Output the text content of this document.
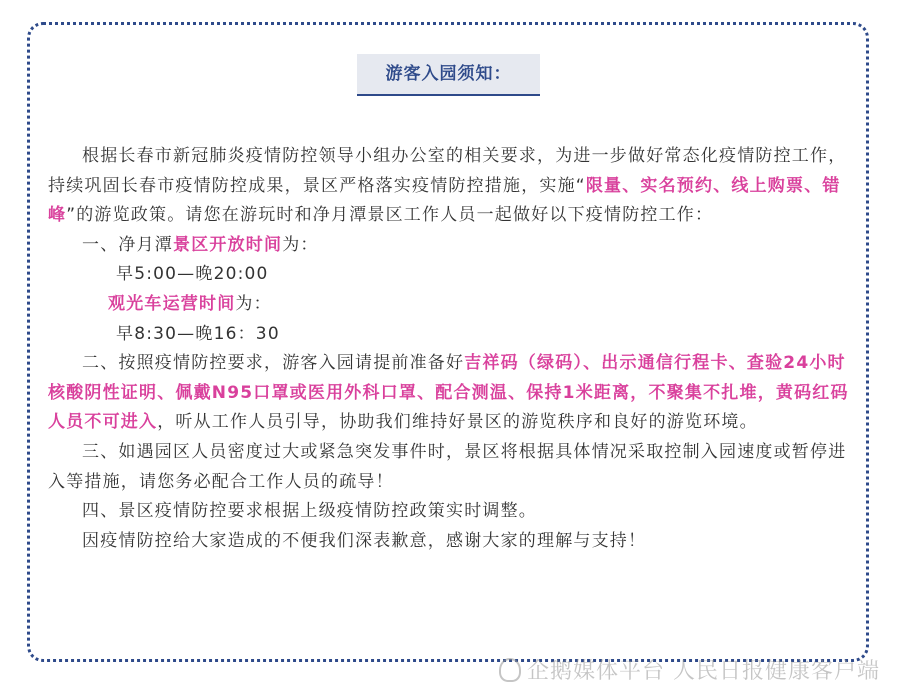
游客入园须知：

根据长春市新冠肺炎疫情防控领导小组办公室的相关要求，为进一步做好常态化疫情防控工作，持续巩固长春市疫情防控成果，景区严格落实疫情防控措施，实施“限量、实名预约、线上购票、错峰”的游览政策。请您在游玩时和净月潭景区工作人员一起做好以下疫情防控工作：

一、净月潭景区开放时间为：

早5:00—晚20:00

观光车运营时间为：

早8:30—晚16：30

二、按照疫情防控要求，游客入园请提前准备好吉祥码（绿码）、出示通信行程卡、查验24小时核酸阴性证明、佩戴N95口罩或医用外科口罩、配合测温、保持1米距离，不聚集不扎堆，黄码红码人员不可进入，听从工作人员引导，协助我们维持好景区的游览秩序和良好的游览环境。

三、如遇园区人员密度过大或紧急突发事件时，景区将根据具体情况采取控制入园速度或暂停进入等措施，请您务必配合工作人员的疏导！

四、景区疫情防控要求根据上级疫情防控政策实时调整。

因疫情防控给大家造成的不便我们深表歉意，感谢大家的理解与支持！

企鹅媒体平台 人民日报健康客户端
